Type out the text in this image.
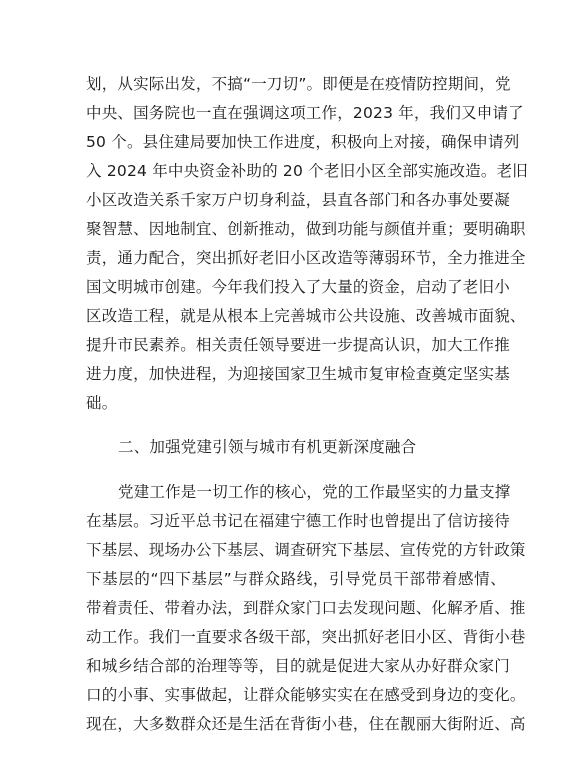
划，从实际出发，不搞“一刀切”。即便是在疫情防控期间，党
中央、国务院也一直在强调这项工作，2023 年，我们又申请了
50 个。县住建局要加快工作进度，积极向上对接，确保申请列
入 2024 年中央资金补助的 20 个老旧小区全部实施改造。老旧
小区改造关系千家万户切身利益，县直各部门和各办事处要凝
聚智慧、因地制宜、创新推动，做到功能与颜值并重；要明确职
责，通力配合，突出抓好老旧小区改造等薄弱环节，全力推进全
国文明城市创建。今年我们投入了大量的资金，启动了老旧小
区改造工程，就是从根本上完善城市公共设施、改善城市面貌、
提升市民素养。相关责任领导要进一步提高认识，加大工作推
进力度，加快进程，为迎接国家卫生城市复审检查奠定坚实基
础。
二、加强党建引领与城市有机更新深度融合
党建工作是一切工作的核心，党的工作最坚实的力量支撑
在基层。习近平总书记在福建宁德工作时也曾提出了信访接待
下基层、现场办公下基层、调查研究下基层、宣传党的方针政策
下基层的“四下基层”与群众路线，引导党员干部带着感情、
带着责任、带着办法，到群众家门口去发现问题、化解矛盾、推
动工作。我们一直要求各级干部，突出抓好老旧小区、背街小巷
和城乡结合部的治理等等，目的就是促进大家从办好群众家门
口的小事、实事做起，让群众能够实实在在感受到身边的变化。
现在，大多数群众还是生活在背街小巷，住在靓丽大街附近、高
